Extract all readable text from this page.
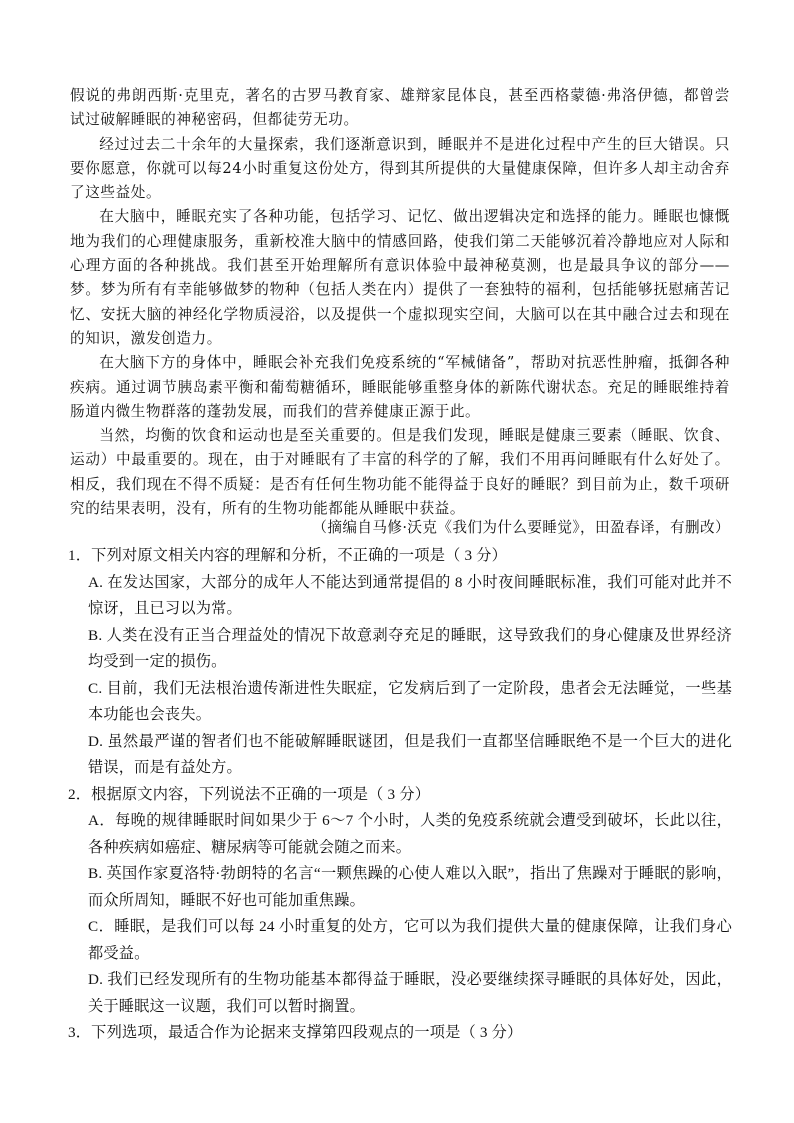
假说的弗朗西斯·克里克，著名的古罗马教育家、雄辩家昆体良，甚至西格蒙德·弗洛伊德，都曾尝试过破解睡眠的神秘密码，但都徒劳无功。

经过过去二十余年的大量探索，我们逐渐意识到，睡眠并不是进化过程中产生的巨大错误。只要你愿意，你就可以每24小时重复这份处方，得到其所提供的大量健康保障，但许多人却主动舍弃了这些益处。

在大脑中，睡眠充实了各种功能，包括学习、记忆、做出逻辑决定和选择的能力。睡眠也慷慨地为我们的心理健康服务，重新校准大脑中的情感回路，使我们第二天能够沉着冷静地应对人际和心理方面的各种挑战。我们甚至开始理解所有意识体验中最神秘莫测，也是最具争议的部分——梦。梦为所有有幸能够做梦的物种（包括人类在内）提供了一套独特的福利，包括能够抚慰痛苦记忆、安抚大脑的神经化学物质浸浴，以及提供一个虚拟现实空间，大脑可以在其中融合过去和现在的知识，激发创造力。

在大脑下方的身体中，睡眠会补充我们免疫系统的“军械储备”，帮助对抗恶性肿瘤，抵御各种疾病。通过调节胰岛素平衡和葡萄糖循环，睡眠能够重整身体的新陈代谢状态。充足的睡眠维持着肠道内微生物群落的蓬勃发展，而我们的营养健康正源于此。

当然，均衡的饮食和运动也是至关重要的。但是我们发现，睡眠是健康三要素（睡眠、饮食、运动）中最重要的。现在，由于对睡眠有了丰富的科学的了解，我们不用再问睡眠有什么好处了。相反，我们现在不得不质疑：是否有任何生物功能不能得益于良好的睡眠？到目前为止，数千项研究的结果表明，没有，所有的生物功能都能从睡眠中获益。

（摘编自马修·沃克《我们为什么要睡觉》，田盈春译，有删改）

1．下列对原文相关内容的理解和分析，不正确的一项是（ 3 分）

A. 在发达国家，大部分的成年人不能达到通常提倡的 8 小时夜间睡眠标准，我们可能对此并不惊讶，且已习以为常。

B. 人类在没有正当合理益处的情况下故意剥夺充足的睡眠，这导致我们的身心健康及世界经济均受到一定的损伤。

C. 目前，我们无法根治遗传渐进性失眠症，它发病后到了一定阶段，患者会无法睡觉，一些基本功能也会丧失。

D. 虽然最严谨的智者们也不能破解睡眠谜团，但是我们一直都坚信睡眠绝不是一个巨大的进化错误，而是有益处方。

2．根据原文内容，下列说法不正确的一项是（ 3 分）

A．每晚的规律睡眠时间如果少于 6～7 个小时，人类的免疫系统就会遭受到破坏，长此以往，各种疾病如癌症、糖尿病等可能就会随之而来。

B. 英国作家夏洛特·勃朗特的名言“一颗焦躁的心使人难以入眠”，指出了焦躁对于睡眠的影响，而众所周知，睡眠不好也可能加重焦躁。

C．睡眠，是我们可以每 24 小时重复的处方，它可以为我们提供大量的健康保障，让我们身心都受益。

D. 我们已经发现所有的生物功能基本都得益于睡眠，没必要继续探寻睡眠的具体好处，因此，关于睡眠这一议题，我们可以暂时搁置。

3．下列选项，最适合作为论据来支撑第四段观点的一项是（ 3 分）
